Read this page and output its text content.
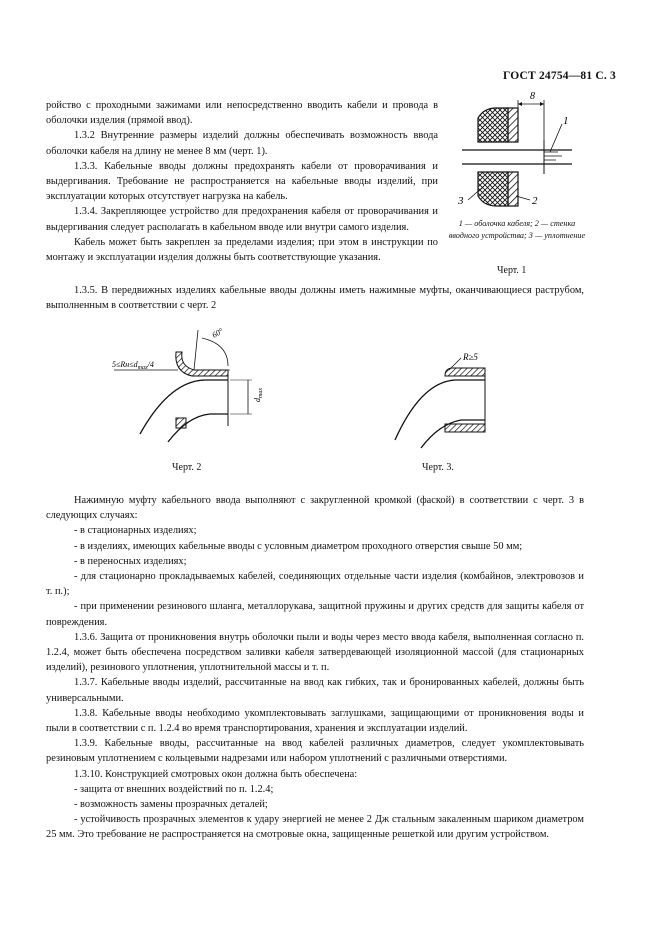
ГОСТ 24754—81 С. 3

ройство с проходными зажимами или непосредственно вводить кабели и провода в оболочки изделия (прямой ввод).

1.3.2 Внутренние размеры изделий должны обеспечивать возможность ввода оболочки кабеля на длину не менее 8 мм (черт. 1).

1.3.3. Кабельные вводы должны предохранять кабели от проворачивания и выдергивания. Требование не распространяется на кабельные вводы изделий, при эксплуатации которых отсутствует нагрузка на кабель.

1.3.4. Закрепляющее устройство для предохранения кабеля от проворачивания и выдергивания следует располагать в кабельном вводе или внутри самого изделия.

Кабель может быть закреплен за пределами изделия; при этом в инструкции по монтажу и эксплуатации изделия должны быть соответствующие указания.

8
1
2
3
1 — оболочка кабеля; 2 — стенка вводного устройства; 3 — уплотнение
Черт. 1
1.3.5. В передвижных изделиях кабельные вводы должны иметь нажимные муфты, оканчивающиеся раструбом, выполненным в соответствии с черт. 2
$5\le Rн\le d_{max}/4$
60°
$d_{max}$
Черт. 2
R≥5
Черт. 3.

Нажимную муфту кабельного ввода выполняют с закругленной кромкой (фаской) в соответствии с черт. 3 в следующих случаях:

- в стационарных изделиях;

- в изделиях, имеющих кабельные вводы с условным диаметром проходного отверстия свыше 50 мм;

- в переносных изделиях;

- для стационарно прокладываемых кабелей, соединяющих отдельные части изделия (комбайнов, электровозов и т. п.);

- при применении резинового шланга, металлорукава, защитной пружины и других средств для защиты кабеля от повреждения.

1.3.6. Защита от проникновения внутрь оболочки пыли и воды через место ввода кабеля, выполненная согласно п. 1.2.4, может быть обеспечена посредством заливки кабеля затвердевающей изоляционной массой (для стационарных изделий), резинового уплотнения, уплотнительной массы и т. п.

1.3.7. Кабельные вводы изделий, рассчитанные на ввод как гибких, так и бронированных кабелей, должны быть универсальными.

1.3.8. Кабельные вводы необходимо укомплектовывать заглушками, защищающими от проникновения воды и пыли в соответствии с п. 1.2.4 во время транспортирования, хранения и эксплуатации изделий.

1.3.9. Кабельные вводы, рассчитанные на ввод кабелей различных диаметров, следует укомплектовывать резиновым уплотнением с кольцевыми надрезами или набором уплотнений с различными отверстиями.

1.3.10. Конструкцией смотровых окон должна быть обеспечена:

- защита от внешних воздействий по п. 1.2.4;

- возможность замены прозрачных деталей;

- устойчивость прозрачных элементов к удару энергией не менее 2 Дж стальным закаленным шариком диаметром 25 мм. Это требование не распространяется на смотровые окна, защищенные решеткой или другим устройством.
